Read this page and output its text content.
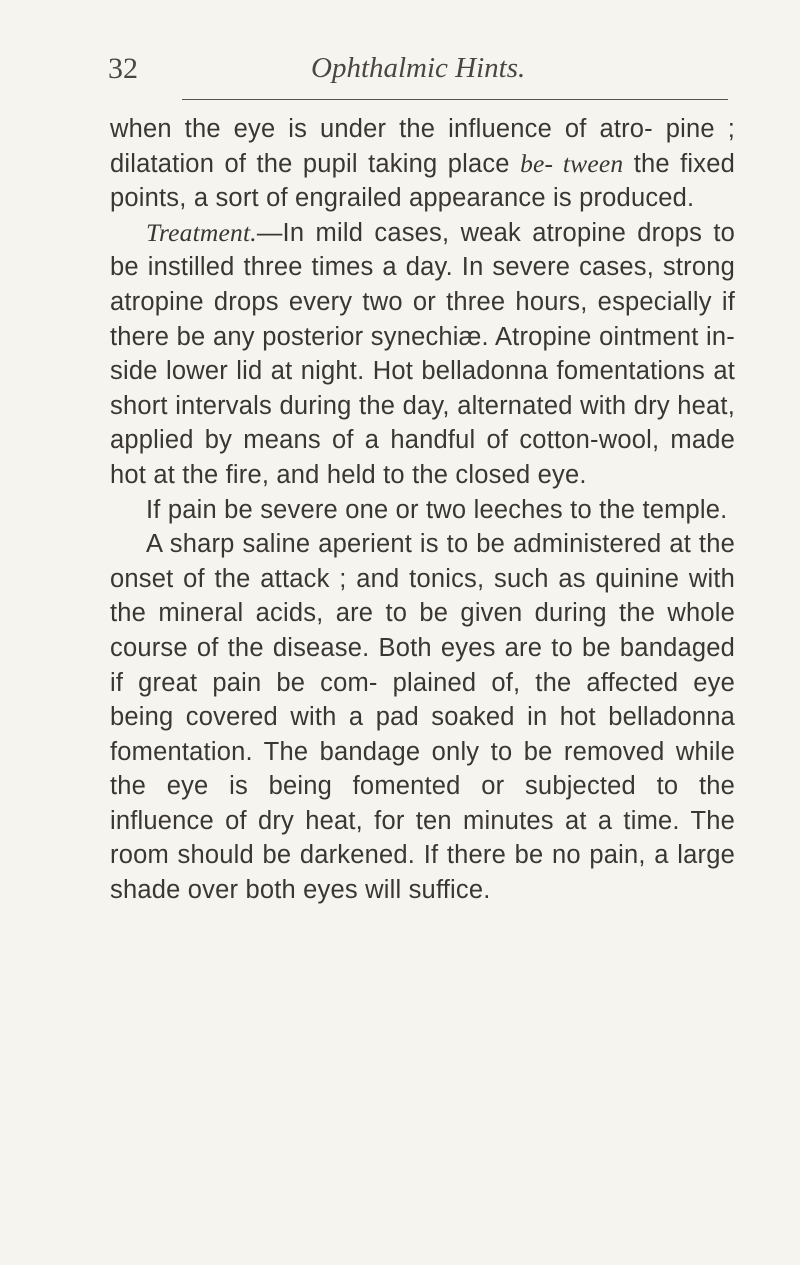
32	Ophthalmic Hints.

when the eye is under the influence of atro- pine ; dilatation of the pupil taking place be- tween the fixed points, a sort of engrailed appearance is produced.

Treatment.—In mild cases, weak atropine drops to be instilled three times a day. In severe cases, strong atropine drops every two or three hours, especially if there be any posterior synechiæ. Atropine ointment in- side lower lid at night. Hot belladonna fomentations at short intervals during the day, alternated with dry heat, applied by means of a handful of cotton-wool, made hot at the fire, and held to the closed eye.

If pain be severe one or two leeches to the temple.

A sharp saline aperient is to be administered at the onset of the attack ; and tonics, such as quinine with the mineral acids, are to be given during the whole course of the disease. Both eyes are to be bandaged if great pain be com- plained of, the affected eye being covered with a pad soaked in hot belladonna fomentation. The bandage only to be removed while the eye is being fomented or subjected to the influence of dry heat, for ten minutes at a time. The room should be darkened. If there be no pain, a large shade over both eyes will suffice.
